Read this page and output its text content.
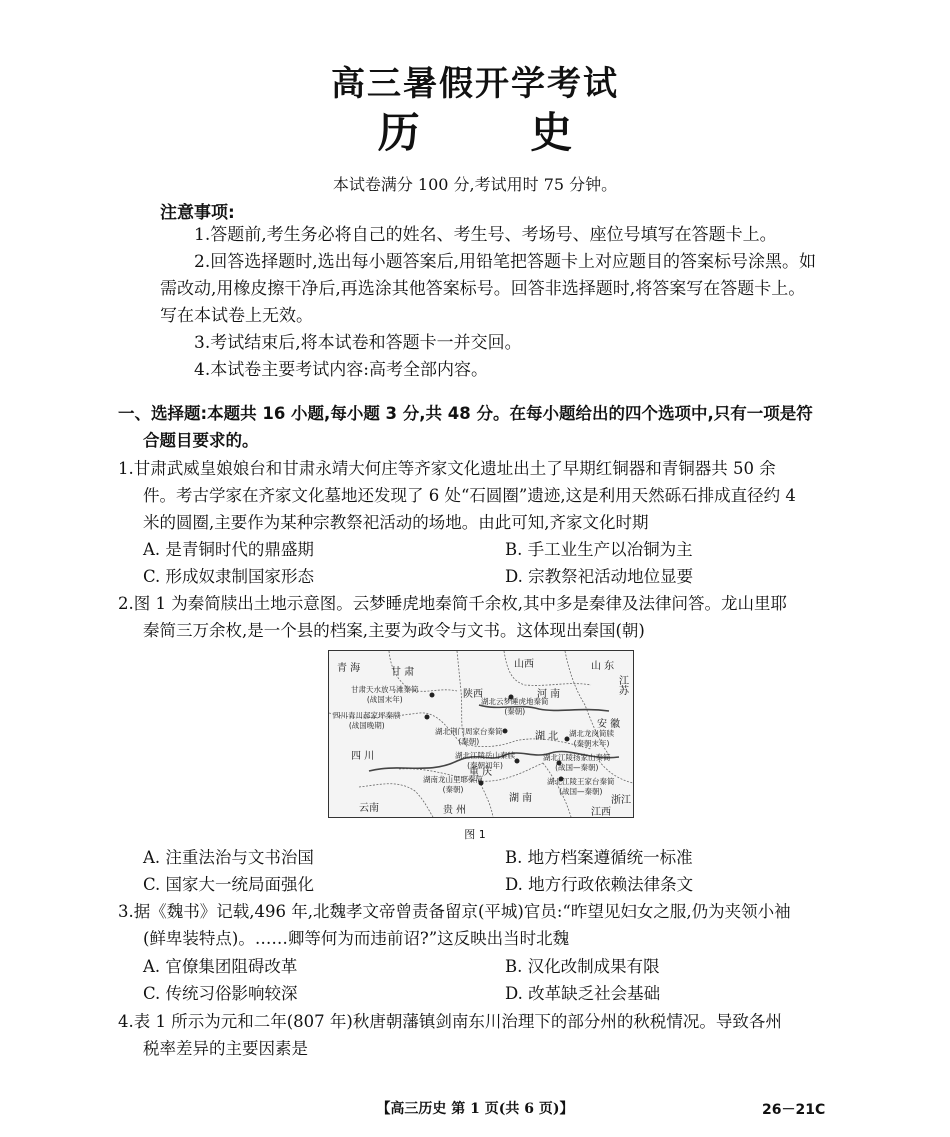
高三暑假开学考试
历 史
本试卷满分 100 分,考试用时 75 分钟。
注意事项:

1.答题前,考生务必将自己的姓名、考生号、考场号、座位号填写在答题卡上。

2.回答选择题时,选出每小题答案后,用铅笔把答题卡上对应题目的答案标号涂黑。如需改动,用橡皮擦干净后,再选涂其他答案标号。回答非选择题时,将答案写在答题卡上。写在本试卷上无效。

3.考试结束后,将本试卷和答题卡一并交回。

4.本试卷主要考试内容:高考全部内容。

一、选择题:本题共 16 小题,每小题 3 分,共 48 分。在每小题给出的四个选项中,只有一项是符
合题目要求的。
1.甘肃武威皇娘娘台和甘肃永靖大何庄等齐家文化遗址出土了早期红铜器和青铜器共 50 余
件。考古学家在齐家文化墓地还发现了 6 处“石圆圈”遗迹,这是利用天然砾石排成直径约 4
米的圆圈,主要作为某种宗教祭祀活动的场地。由此可知,齐家文化时期
A. 是青铜时代的鼎盛期	B. 手工业生产以冶铜为主
C. 形成奴隶制国家形态	D. 宗教祭祀活动地位显要
2.图 1 为秦简牍出土地示意图。云梦睡虎地秦简千余枚,其中多是秦律及法律问答。龙山里耶
秦简三万余枚,是一个县的档案,主要为政令与文书。这体现出秦国(朝)
青 海	甘 肃
山西	山 东
江苏
陕西	河 南
安 徽
四 川
湖 北
重 庆
湖 南
贵 州
云南
浙江
江西
甘肃天水放马滩秦简
(战国末年)
四川青川郝家坪秦牍
(战国晚期)
湖北云梦睡虎地秦简
(秦朝)
湖北荆门周家台秦简
(秦朝)
湖北江陵岳山秦牍
(秦朝初年)
湖南龙山里耶秦简
(秦朝)
湖北龙岗简牍
(秦朝末年)
湖北江陵扬家山秦简
(战国—秦朝)
湖北江陵王家台秦简
(战国—秦朝)
图 1
A. 注重法治与文书治国	B. 地方档案遵循统一标准
C. 国家大一统局面强化	D. 地方行政依赖法律条文
3.据《魏书》记载,496 年,北魏孝文帝曾责备留京(平城)官员:“昨望见妇女之服,仍为夹领小袖
(鲜卑装特点)。……卿等何为而违前诏?”这反映出当时北魏
A. 官僚集团阻碍改革	B. 汉化改制成果有限
C. 传统习俗影响较深	D. 改革缺乏社会基础
4.表 1 所示为元和二年(807 年)秋唐朝藩镇剑南东川治理下的部分州的秋税情况。导致各州
税率差异的主要因素是
【高三历史 第 1 页(共 6 页)】	26－21C
